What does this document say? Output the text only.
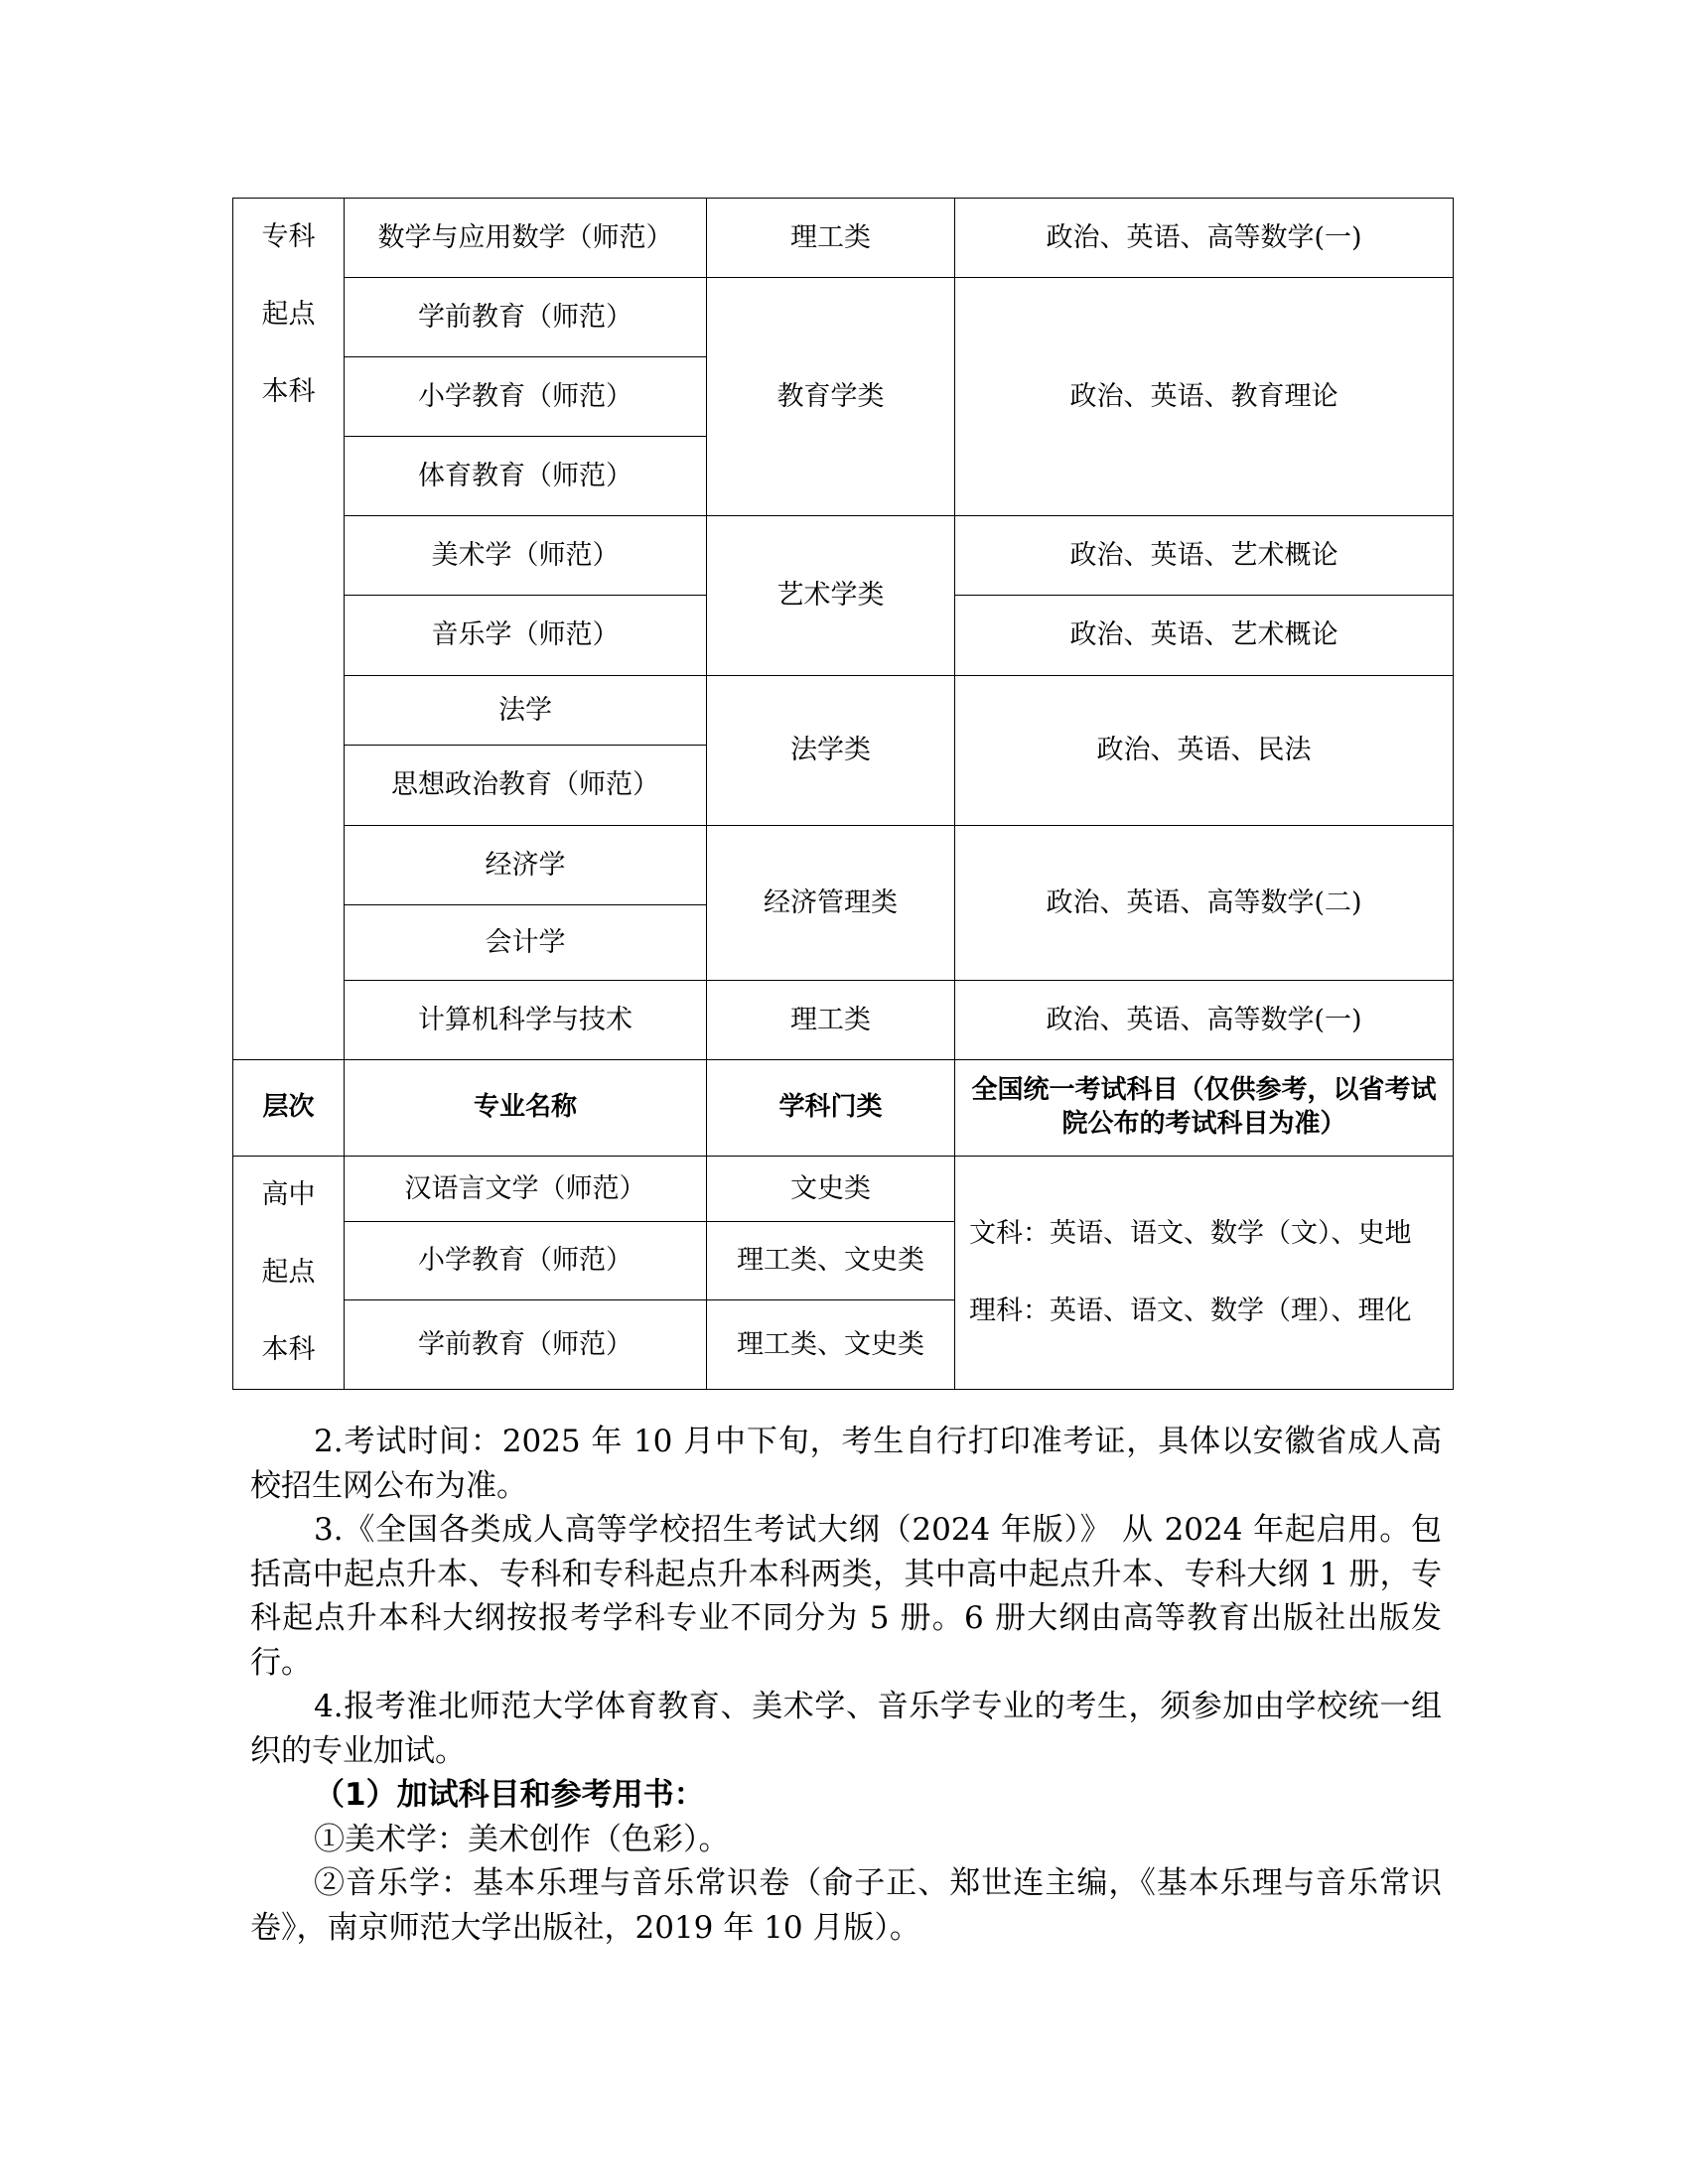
专科
起点
本科	数学与应用数学（师范）	理工类	政治、英语、高等数学(一)
	学前教育（师范）	教育学类	政治、英语、教育理论
	小学教育（师范）		
	体育教育（师范）		
	美术学（师范）	艺术学类	政治、英语、艺术概论
	音乐学（师范）		政治、英语、艺术概论
	法学	法学类	政治、英语、民法
	思想政治教育（师范）		
	经济学	经济管理类	政治、英语、高等数学(二)
	会计学		
	计算机科学与技术	理工类	政治、英语、高等数学(一)
层次	专业名称	学科门类	全国统一考试科目（仅供参考，以省考试院公布的考试科目为准）

高中
起点
本科	汉语言文学（师范）	文史类	文科：英语、语文、数学（文）、史地
理科：英语、语文、数学（理）、理化

	小学教育（师范）	理工类、文史类	
	学前教育（师范）	理工类、文史类	

2.考试时间：2025 年 10 月中下旬，考生自行打印准考证，具体以安徽省成人高校招生网公布为准。

3.《全国各类成人高等学校招生考试大纲（2024 年版）》 从 2024 年起启用。包括高中起点升本、专科和专科起点升本科两类，其中高中起点升本、专科大纲 1 册，专科起点升本科大纲按报考学科专业不同分为 5 册。6 册大纲由高等教育出版社出版发行。

4.报考淮北师范大学体育教育、美术学、音乐学专业的考生，须参加由学校统一组织的专业加试。

（1）加试科目和参考用书：

①美术学：美术创作（色彩）。

②音乐学：基本乐理与音乐常识卷（俞子正、郑世连主编，《基本乐理与音乐常识卷》，南京师范大学出版社，2019 年 10 月版）。
